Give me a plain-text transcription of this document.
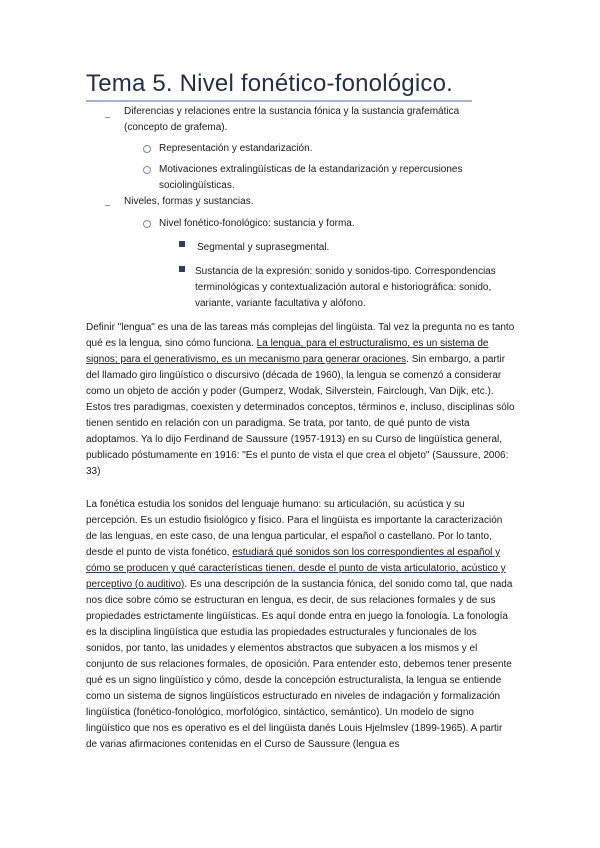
Tema 5. Nivel fonético-fonológico.

Diferencias y relaciones entre la sustancia fónica y la sustancia grafemática (concepto de grafema).

Representación y estandarización.

Motivaciones extralingüísticas de la estandarización y repercusiones sociolingüísticas.

Niveles, formas y sustancias.

Nivel fonético-fonológico: sustancia y forma.

Segmental y suprasegmental.

Sustancia de la expresión: sonido y sonidos-tipo. Correspondencias terminológicas y contextualización autoral e historiográfica: sonido, variante, variante facultativa y alófono.

Definir "lengua" es una de las tareas más complejas del lingüista. Tal vez la pregunta no es tanto qué es la lengua, sino cómo funciona. La lengua, para el estructuralismo, es un sistema de signos; para el generativismo, es un mecanismo para generar oraciones. Sin embargo, a partir del llamado giro lingüístico o discursivo (década de 1960), la lengua se comenzó a considerar como un objeto de acción y poder (Gumperz, Wodak, Silverstein, Fairclough, Van Dijk, etc.). Estos tres paradigmas, coexisten y determinados conceptos, términos e, incluso, disciplinas sólo tienen sentido en relación con un paradigma. Se trata, por tanto, de qué punto de vista adoptamos. Ya lo dijo Ferdinand de Saussure (1957-1913) en su Curso de lingüística general, publicado póstumamente en 1916: "Es el punto de vista el que crea el objeto" (Saussure, 2006: 33)

La fonética estudia los sonidos del lenguaje humano: su articulación, su acústica y su percepción. Es un estudio fisiológico y físico. Para el lingüista es importante la caracterización de las lenguas, en este caso, de una lengua particular, el español o castellano. Por lo tanto, desde el punto de vista fonético, estudiará qué sonidos son los correspondientes al español y cómo se producen y qué características tienen, desde el punto de vista articulatorio, acústico y perceptivo (o auditivo). Es una descripción de la sustancia fónica, del sonido como tal, que nada nos dice sobre cómo se estructuran en lengua, es decir, de sus relaciones formales y de sus propiedades estrictamente lingüísticas. Es aquí donde entra en juego la fonología. La fonología es la disciplina lingüística que estudia las propiedades estructurales y funcionales de los sonidos, por tanto, las unidades y elementos abstractos que subyacen a los mismos y el conjunto de sus relaciones formales, de oposición. Para entender esto, debemos tener presente qué es un signo lingüístico y cómo, desde la concepción estructuralista, la lengua se entiende como un sistema de signos lingüísticos estructurado en niveles de indagación y formalización lingüística (fonético-fonológico, morfológico, sintáctico, semántico). Un modelo de signo lingüístico que nos es operativo es el del lingüista danés Louis Hjelmslev (1899-1965). A partir de varias afirmaciones contenidas en el Curso de Saussure (lengua es
